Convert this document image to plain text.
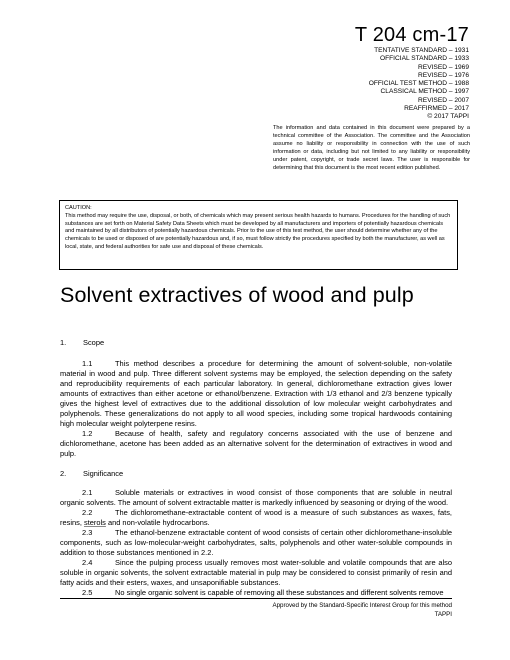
T 204 cm-17
TENTATIVE STANDARD – 1931
OFFICIAL STANDARD – 1933
REVISED – 1969
REVISED – 1976
OFFICIAL TEST METHOD – 1988
CLASSICAL METHOD – 1997
REVISED – 2007
REAFFIRMED – 2017
© 2017 TAPPI
The information and data contained in this document were prepared by a technical committee of the Association. The committee and the Association assume no liability or responsibility in connection with the use of such information or data, including but not limited to any liability or responsibility under patent, copyright, or trade secret laws. The user is responsible for determining that this document is the most recent edition published.
CAUTION:
This method may require the use, disposal, or both, of chemicals which may present serious health hazards to humans. Procedures for the handling of such substances are set forth on Material Safety Data Sheets which must be developed by all manufacturers and importers of potentially hazardous chemicals and maintained by all distributors of potentially hazardous chemicals. Prior to the use of this test method, the user should determine whether any of the chemicals to be used or disposed of are potentially hazardous and, if so, must follow strictly the procedures specified by both the manufacturer, as well as local, state, and federal authorities for safe use and disposal of these chemicals.
Solvent extractives of wood and pulp

1. Scope

1.1	This method describes a procedure for determining the amount of solvent-soluble, non-volatile material in wood and pulp. Three different solvent systems may be employed, the selection depending on the safety and reproducibility requirements of each particular laboratory. In general, dichloromethane extraction gives lower amounts of extractives than either acetone or ethanol/benzene. Extraction with 1/3 ethanol and 2/3 benzene typically gives the highest level of extractives due to the additional dissolution of low molecular weight carbohydrates and polyphenols. These generalizations do not apply to all wood species, including some tropical hardwoods containing high molecular weight polyterpene resins.

1.2	Because of health, safety and regulatory concerns associated with the use of benzene and dichloromethane, acetone has been added as an alternative solvent for the determination of extractives in wood and pulp.

2. Significance

2.1	Soluble materials or extractives in wood consist of those components that are soluble in neutral organic solvents. The amount of solvent extractable matter is markedly influenced by seasoning or drying of the wood.

2.2	The dichloromethane-extractable content of wood is a measure of such substances as waxes, fats, resins, sterols and non-volatile hydrocarbons.

2.3	The ethanol-benzene extractable content of wood consists of certain other dichloromethane-insoluble components, such as low-molecular-weight carbohydrates, salts, polyphenols and other water-soluble compounds in addition to those substances mentioned in 2.2.

2.4	Since the pulping process usually removes most water-soluble and volatile compounds that are also soluble in organic solvents, the solvent extractable material in pulp may be considered to consist primarily of resin and fatty acids and their esters, waxes, and unsaponifiable substances.

2.5	No single organic solvent is capable of removing all these substances and different solvents remove

Approved by the Standard-Specific Interest Group for this method
TAPPI
